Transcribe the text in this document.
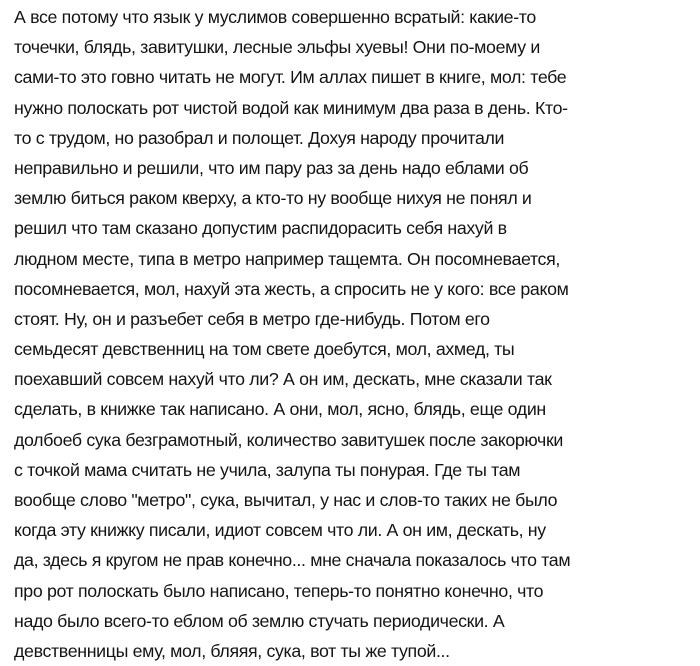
А все потому что язык у муслимов совершенно всратый: какие-то
точечки, блядь, завитушки, лесные эльфы хуевы! Они по-моему и
сами-то это говно читать не могут. Им аллах пишет в книге, мол: тебе
нужно полоскать рот чистой водой как минимум два раза в день. Кто-
то с трудом, но разобрал и полощет. Дохуя народу прочитали
неправильно и решили, что им пару раз за день надо еблами об
землю биться раком кверху, а кто-то ну вообще нихуя не понял и
решил что там сказано допустим распидорасить себя нахуй в
людном месте, типа в метро например тащемта. Он посомневается,
посомневается, мол, нахуй эта жесть, а спросить не у кого: все раком
стоят. Ну, он и разъебет себя в метро где-нибудь. Потом его
семьдесят девственниц на том свете доебутся, мол, ахмед, ты
поехавший совсем нахуй что ли? А он им, дескать, мне сказали так
сделать, в книжке так написано. А они, мол, ясно, блядь, еще один
долбоеб сука безграмотный, количество завитушек после закорючки
с точкой мама считать не учила, залупа ты понурая. Где ты там
вообще слово "метро", сука, вычитал, у нас и слов-то таких не было
когда эту книжку писали, идиот совсем что ли. А он им, дескать, ну
да, здесь я кругом не прав конечно... мне сначала показалось что там
про рот полоскать было написано, теперь-то понятно конечно, что
надо было всего-то еблом об землю стучать периодически. А
девственницы ему, мол, бляяя, сука, вот ты же тупой...
